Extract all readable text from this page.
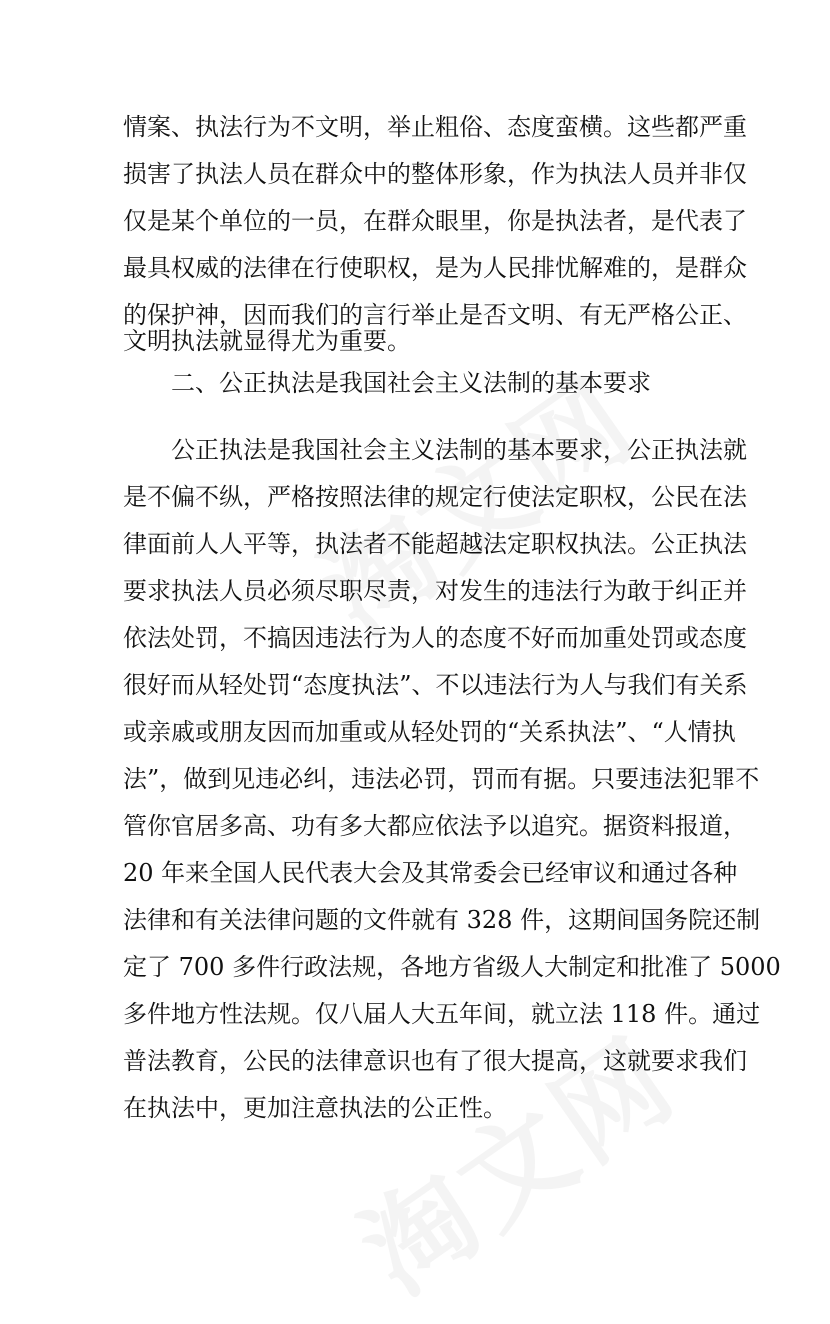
情案、执法行为不文明，举止粗俗、态度蛮横。这些都严重
损害了执法人员在群众中的整体形象，作为执法人员并非仅
仅是某个单位的一员，在群众眼里，你是执法者，是代表了
最具权威的法律在行使职权，是为人民排忧解难的，是群众
的保护神，因而我们的言行举止是否文明、有无严格公正、
文明执法就显得尤为重要。
二、公正执法是我国社会主义法制的基本要求
公正执法是我国社会主义法制的基本要求，公正执法就
是不偏不纵，严格按照法律的规定行使法定职权，公民在法
律面前人人平等，执法者不能超越法定职权执法。公正执法
要求执法人员必须尽职尽责，对发生的违法行为敢于纠正并
依法处罚，不搞因违法行为人的态度不好而加重处罚或态度
很好而从轻处罚“态度执法”、不以违法行为人与我们有关系
或亲戚或朋友因而加重或从轻处罚的“关系执法”、“人情执
法”，做到见违必纠，违法必罚，罚而有据。只要违法犯罪不
管你官居多高、功有多大都应依法予以追究。据资料报道，
20 年来全国人民代表大会及其常委会已经审议和通过各种
法律和有关法律问题的文件就有 328 件，这期间国务院还制
定了 700 多件行政法规，各地方省级人大制定和批准了 5000
多件地方性法规。仅八届人大五年间，就立法 118 件。通过
普法教育，公民的法律意识也有了很大提高，这就要求我们
在执法中，更加注意执法的公正性。
